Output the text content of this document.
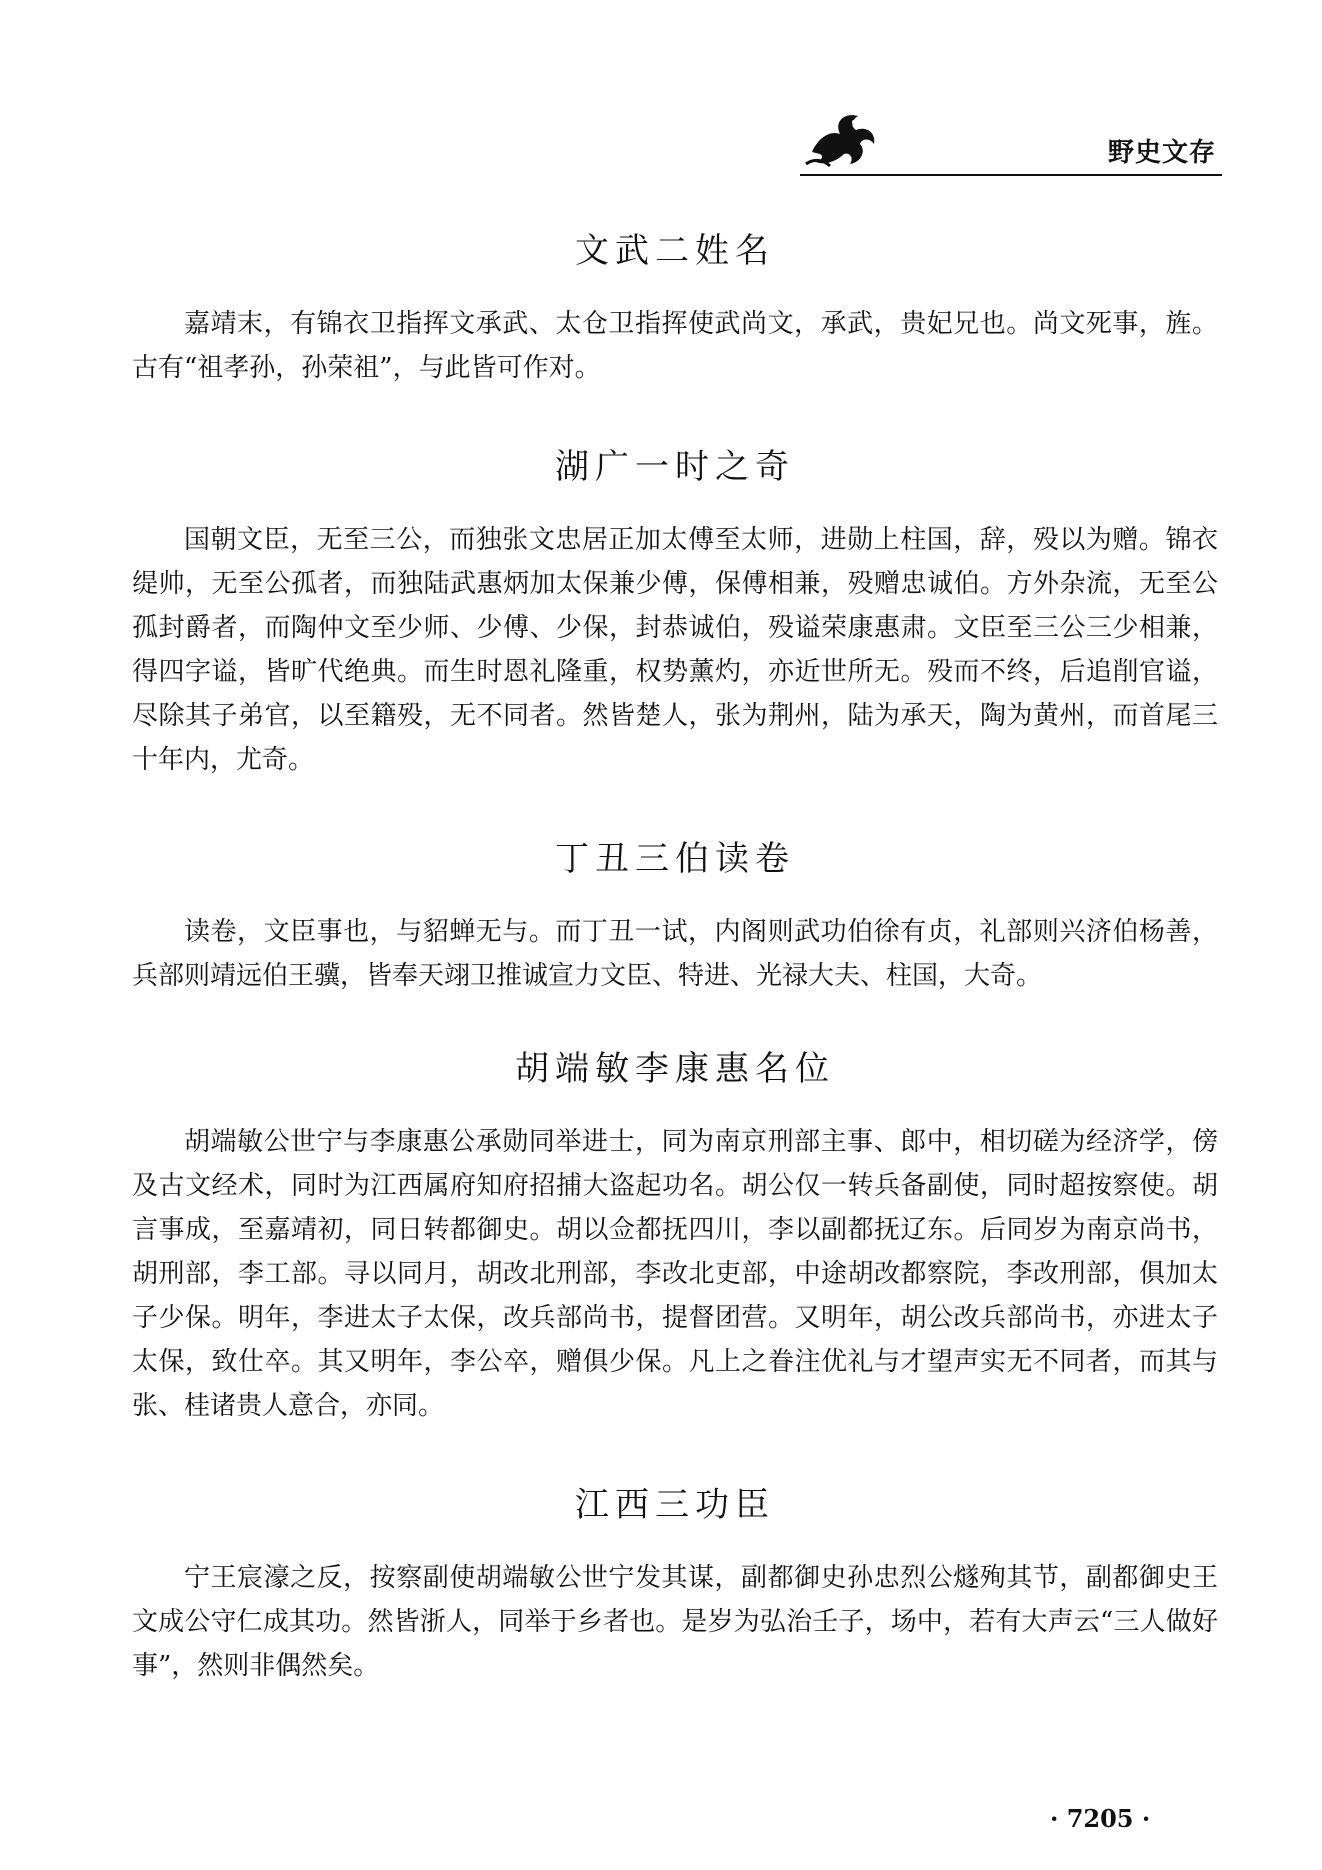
野史文存
文武二姓名

嘉靖末，有锦衣卫指挥文承武、太仓卫指挥使武尚文，承武，贵妃兄也。尚文死事，旌。古有“祖孝孙，孙荣祖”，与此皆可作对。

湖广一时之奇

国朝文臣，无至三公，而独张文忠居正加太傅至太师，进勋上柱国，辞，殁以为赠。锦衣缇帅，无至公孤者，而独陆武惠炳加太保兼少傅，保傅相兼，殁赠忠诚伯。方外杂流，无至公孤封爵者，而陶仲文至少师、少傅、少保，封恭诚伯，殁谥荣康惠肃。文臣至三公三少相兼，得四字谥，皆旷代绝典。而生时恩礼隆重，权势薰灼，亦近世所无。殁而不终，后追削官谥，尽除其子弟官，以至籍殁，无不同者。然皆楚人，张为荆州，陆为承天，陶为黄州，而首尾三十年内，尤奇。

丁丑三伯读卷

读卷，文臣事也，与貂蝉无与。而丁丑一试，内阁则武功伯徐有贞，礼部则兴济伯杨善，兵部则靖远伯王骥，皆奉天翊卫推诚宣力文臣、特进、光禄大夫、柱国，大奇。

胡端敏李康惠名位

胡端敏公世宁与李康惠公承勋同举进士，同为南京刑部主事、郎中，相切磋为经济学，傍及古文经术，同时为江西属府知府招捕大盗起功名。胡公仅一转兵备副使，同时超按察使。胡言事成，至嘉靖初，同日转都御史。胡以佥都抚四川，李以副都抚辽东。后同岁为南京尚书，胡刑部，李工部。寻以同月，胡改北刑部，李改北吏部，中途胡改都察院，李改刑部，俱加太子少保。明年，李进太子太保，改兵部尚书，提督团营。又明年，胡公改兵部尚书，亦进太子太保，致仕卒。其又明年，李公卒，赠俱少保。凡上之眷注优礼与才望声实无不同者，而其与张、桂诸贵人意合，亦同。

江西三功臣

宁王宸濠之反，按察副使胡端敏公世宁发其谋，副都御史孙忠烈公燧殉其节，副都御史王文成公守仁成其功。然皆浙人，同举于乡者也。是岁为弘治壬子，场中，若有大声云“三人做好事”，然则非偶然矣。

· 7205 ·
